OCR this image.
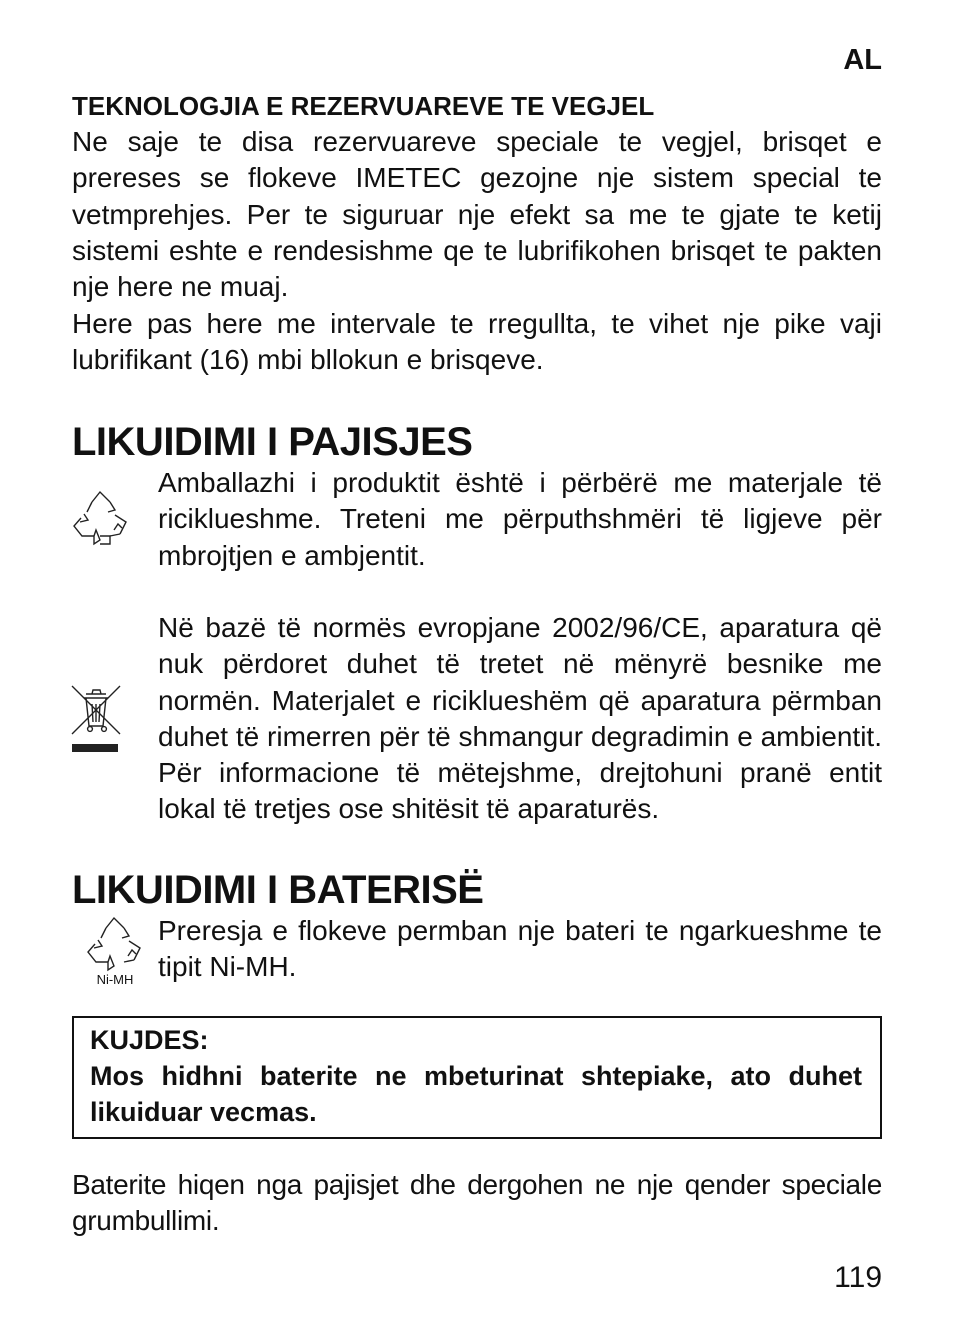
AL
TEKNOLOGJIA E REZERVUAREVE TE VEGJEL
Ne saje te disa rezervuareve speciale te vegjel, brisqet e prereses se flokeve IMETEC gezojne nje sistem special te vetmprehjes. Per te siguruar nje efekt sa me te gjate te ketij sistemi eshte e rendesishme qe te lubrifikohen brisqet te pakten nje here ne muaj.
Here pas here me intervale te rregullta, te vihet nje pike vaji lubrifikant (16) mbi bllokun e brisqeve.
LIKUIDIMI I PAJISJES
Amballazhi i produktit është i përbërë me materjale të riciklueshme. Treteni me përputhshmëri të ligjeve për mbrojtjen e ambjentit.
Në bazë të normës evropjane 2002/96/CE, aparatura që nuk përdoret duhet të tretet në mënyrë besnike me normën. Materjalet e riciklueshëm që aparatura përmban duhet të rimerren për të shmangur degradimin e ambientit. Për informacione të mëtejshme, drejtohuni pranë entit lokal të tretjes ose shitësit të aparaturës.
LIKUIDIMI I BATERISË
Ni-MH
Preresja e flokeve permban nje bateri te ngarkueshme te tipit Ni-MH.
KUJDES:
Mos hidhni baterite ne mbeturinat shtepiake, ato duhet likuiduar vecmas.
Baterite hiqen nga pajisjet dhe dergohen ne nje qender speciale grumbullimi.
119
